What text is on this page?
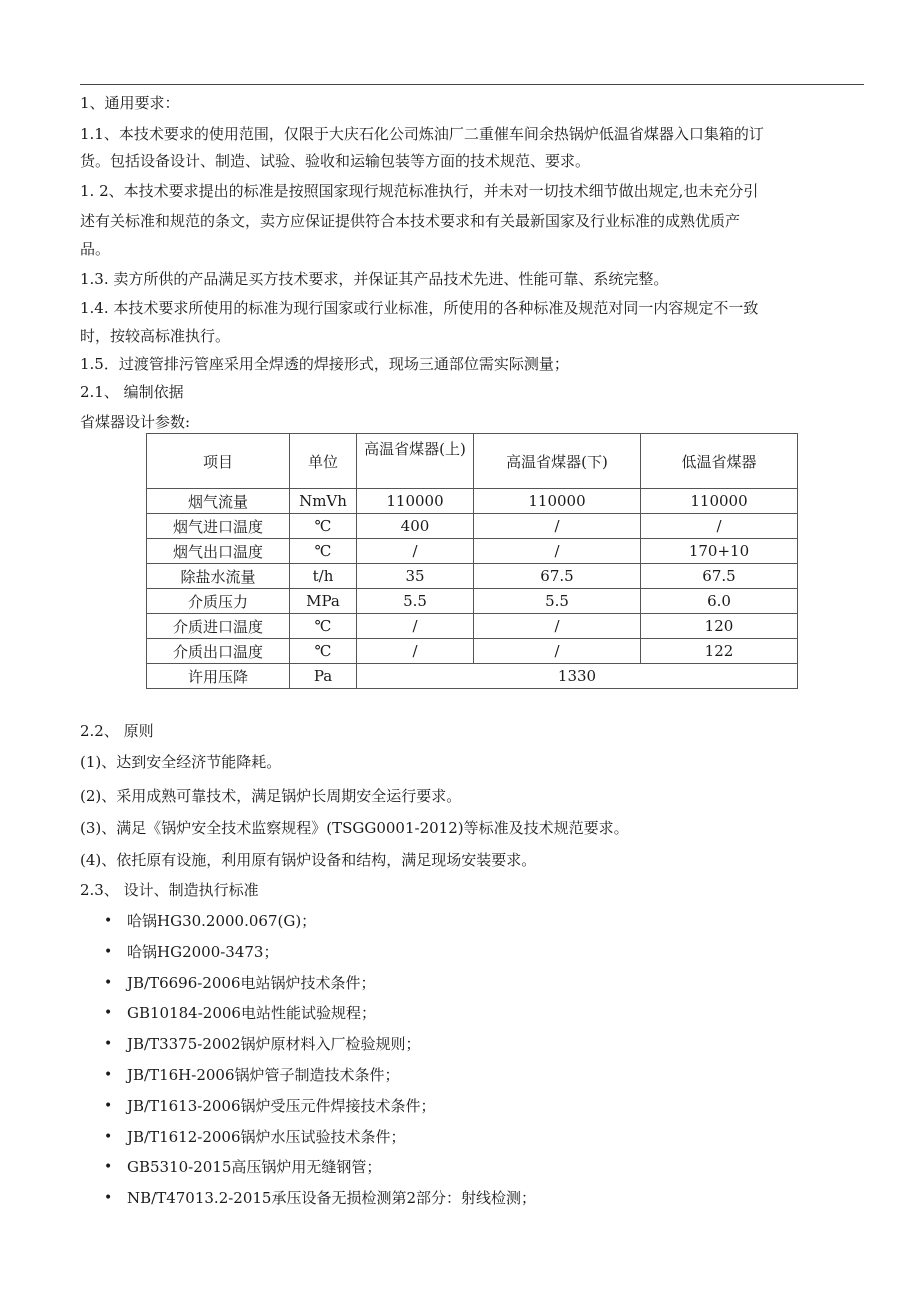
1、通用要求：
1.1、本技术要求的使用范围，仅限于大庆石化公司炼油厂二重催车间余热锅炉低温省煤器入口集箱的订
货。包括设备设计、制造、试验、验收和运输包装等方面的技术规范、要求。
1. 2、本技术要求提出的标准是按照国家现行规范标准执行，并未对一切技术细节做出规定,也未充分引
述有关标准和规范的条文，卖方应保证提供符合本技术要求和有关最新国家及行业标准的成熟优质产
品。
1.3. 卖方所供的产品满足买方技术要求，并保证其产品技术先进、性能可靠、系统完整。
1.4. 本技术要求所使用的标准为现行国家或行业标准，所使用的各种标准及规范对同一内容规定不一致
时，按较高标准执行。
1.5．过渡管排污管座采用全焊透的焊接形式，现场三通部位需实际测量；
2.1、 编制依据
省煤器设计参数:
项目	单位	高温省煤器(上)	高温省煤器(下)	低温省煤器
烟气流量	NmVh	110000	110000	110000
烟气进口温度	℃	400	/	/
烟气出口温度	℃	/	/	170+10
除盐水流量	t/h	35	67.5	67.5
介质压力	MPa	5.5	5.5	6.0
介质进口温度	℃	/	/	120
介质出口温度	℃	/	/	122
许用压降	Pa	1330		
2.2、 原则
(1)、达到安全经济节能降耗。
(2)、采用成熟可靠技术，满足锅炉长周期安全运行要求。
(3)、满足《锅炉安全技术监察规程》(TSGG0001-2012)等标准及技术规范要求。
(4)、依托原有设施，利用原有锅炉设备和结构，满足现场安装要求。
2.3、 设计、制造执行标准
• 哈锅HG30.2000.067(G)；
• 哈锅HG2000-3473；
• JB/T6696-2006电站锅炉技术条件；
• GB10184-2006电站性能试验规程；
• JB/T3375-2002锅炉原材料入厂检验规则；
• JB/T16H-2006锅炉管子制造技术条件；
• JB/T1613-2006锅炉受压元件焊接技术条件；
• JB/T1612-2006锅炉水压试验技术条件；
• GB5310-2015高压锅炉用无缝钢管；
• NB/T47013.2-2015承压设备无损检测第2部分：射线检测；
